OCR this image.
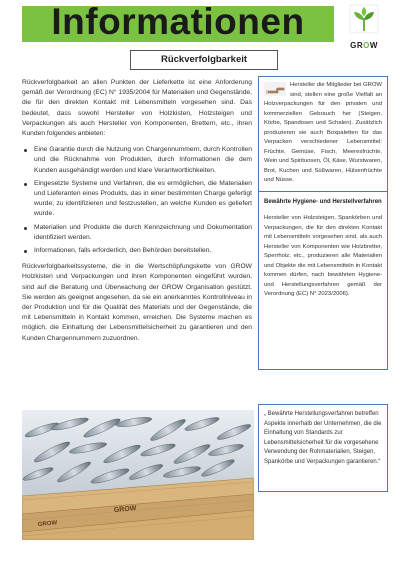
Informationen
GROW
Rückverfolgbarkeit

Rückverfolgbarkeit an allen Punkten der Lieferkette ist eine Anforderung gemäß der Verordnung (EC) N° 1935/2004 für Materialien und Gegenstände, die für den direkten Kontakt mit Lebensmitteln vorgesehen sind. Das bedeutet, dass sowohl Hersteller von Holzkisten, Holzsteigen und Verpackungen als auch Hersteller von Komponenten, Brettern, etc., ihren Kunden folgendes anbieten:

Eine Garantie durch die Nutzung von Chargennummern, durch Kontrollen und die Rücknahme von Produkten, durch Informationen die dem Kunden ausgehändigt werden und klare Verantwortlichkeiten.
Eingesetzte Systeme und Verfahren, die es ermöglichen, die Materialien und Lieferanten eines Produkts, das in einer bestimmten Charge gefertigt wurde, zu identifizieren und festzustellen, an welche Kunden es geliefert wurde.
Materialien und Produkte die durch Kennzeichnung und Dokumentation identifiziert werden.
Informationen, falls erforderlich, den Behörden bereitstellen.

Rückverfolgbarkeitssysteme, die in die Wertschöpfungskette von GROW Holzkisten und Verpackungen und ihren Komponenten eingeführt wurden, sind auf die Beratung und Überwachung der GROW Organisation gestützt. Sie werden als geeignet angesehen, da sie ein anerkanntes Kontrollniveau in der Produktion und für die Qualität des Materials und der Gegenstände, die mit Lebensmitteln in Kontakt kommen, erreichen. Die Systeme machen es möglich, die Einhaltung der Lebensmittelsicherheit zu garantieren und den Kunden Chargennummern zuzuordnen.

Hersteller die Mitglieder bei GROW sind, stellen eine große Vielfalt an Holzverpackungen für den privaten und kommerziellen Gebrauch her (Steigen, Körbe, Spandosen und Schalen). Zusätzlich produzieren sie auch Boxpaletten für das Verpacken verschiedener Lebensmittel: Früchte, Gemüse, Fisch, Meeresfrüchte, Wein und Spirituosen, Öl, Käse, Wurstwaren, Brot, Kuchen und Süßwaren, Hülsenfrüchte und Nüsse.

Bewährte Hygiene- und Herstellverfahren

Hersteller von Holzsteigen, Spankörben und Verpackungen, die für den direkten Kontakt mit Lebensmitteln vorgesehen sind, als auch Hersteller von Komponenten wie Holzbretter, Sperrholz, etc., produzieren alle Materialien und Objekte die mit Lebensmitteln in Kontakt kommen dürfen, nach bewährten Hygiene- und Herstellungsverfahren gemäß der Verordnung (EC) N° 2023/2006).

„ Bewährte Herstellungsverfahren betreffen Aspekte innerhalb der Unternehmen, die die Einhaltung von Standards zur Lebensmittelsicherheit für die vorgesehene Verwendung der Rohmaterialien, Steigen, Spankörbe und Verpackungen garantieren.“
GROW
GROW
